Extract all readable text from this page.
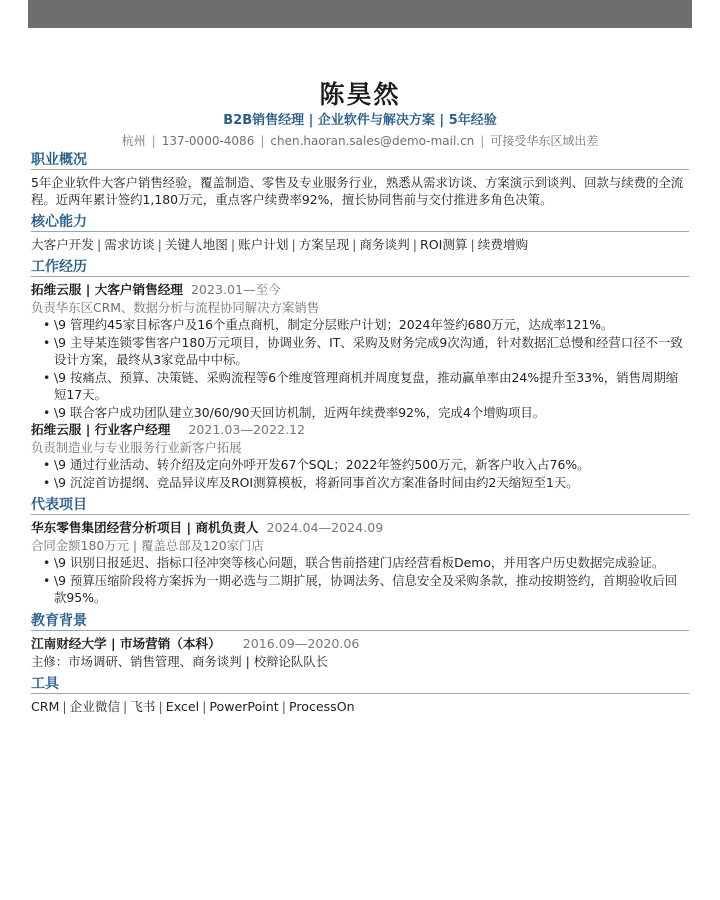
陈昊然
B2B销售经理 | 企业软件与解决方案 | 5年经验
杭州 | 137-0000-4086 | chen.haoran.sales@demo-mail.cn | 可接受华东区域出差
职业概况
5年企业软件大客户销售经验，覆盖制造、零售及专业服务行业，熟悉从需求访谈、方案演示到谈判、回款与续费的全流程。近两年累计签约1,180万元，重点客户续费率92%，擅长协同售前与交付推进多角色决策。
核心能力
大客户开发 | 需求访谈 | 关键人地图 | 账户计划 | 方案呈现 | 商务谈判 | ROI测算 | 续费增购
工作经历
拓维云服 | 大客户销售经理 2023.01—至今
负责华东区CRM、数据分析与流程协同解决方案销售
• \9 管理约45家目标客户及16个重点商机，制定分层账户计划；2024年签约680万元，达成率121%。
• \9 主导某连锁零售客户180万元项目，协调业务、IT、采购及财务完成9次沟通，针对数据汇总慢和经营口径不一致设计方案，最终从3家竞品中中标。
• \9 按痛点、预算、决策链、采购流程等6个维度管理商机并周度复盘，推动赢单率由24%提升至33%，销售周期缩短17天。
• \9 联合客户成功团队建立30/60/90天回访机制，近两年续费率92%，完成4个增购项目。
拓维云服 | 行业客户经理 2021.03—2022.12
负责制造业与专业服务行业新客户拓展
• \9 通过行业活动、转介绍及定向外呼开发67个SQL；2022年签约500万元，新客户收入占76%。
• \9 沉淀首访提纲、竞品异议库及ROI测算模板，将新同事首次方案准备时间由约2天缩短至1天。
代表项目
华东零售集团经营分析项目 | 商机负责人 2024.04—2024.09
合同金额180万元 | 覆盖总部及120家门店
• \9 识别日报延迟、指标口径冲突等核心问题，联合售前搭建门店经营看板Demo，并用客户历史数据完成验证。
• \9 预算压缩阶段将方案拆为一期必选与二期扩展，协调法务、信息安全及采购条款，推动按期签约，首期验收后回款95%。
教育背景
江南财经大学 | 市场营销（本科） 2016.09—2020.06
主修：市场调研、销售管理、商务谈判 | 校辩论队队长
工具
CRM | 企业微信 | 飞书 | Excel | PowerPoint | ProcessOn
